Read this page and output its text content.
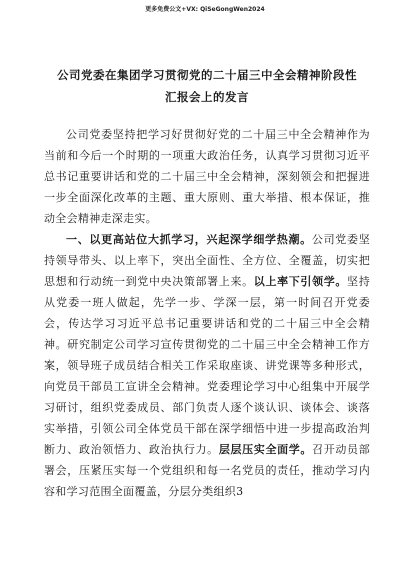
更多免费公文+VX: QiSeGongWen2024
公司党委在集团学习贯彻党的二十届三中全会精神阶段性
汇报会上的发言

公司党委坚持把学习好贯彻好党的二十届三中全会精神作为当前和今后一个时期的一项重大政治任务，认真学习贯彻习近平总书记重要讲话和党的二十届三中全会精神，深刻领会和把握进一步全面深化改革的主题、重大原则、重大举措、根本保证，推动全会精神走深走实。

一、以更高站位大抓学习，兴起深学细学热潮。公司党委坚持领导带头、以上率下，突出全面性、全方位、全覆盖，切实把思想和行动统一到党中央决策部署上来。以上率下引领学。坚持从党委一班人做起，先学一步、学深一层，第一时间召开党委会，传达学习习近平总书记重要讲话和党的二十届三中全会精神。研究制定公司学习宣传贯彻党的二十届三中全会精神工作方案，领导班子成员结合相关工作采取座谈、讲党课等多种形式，向党员干部员工宣讲全会精神。党委理论学习中心组集中开展学习研讨，组织党委成员、部门负责人逐个谈认识、谈体会、谈落实举措，引领公司全体党员干部在深学细悟中进一步提高政治判断力、政治领悟力、政治执行力。层层压实全面学。召开动员部署会，压紧压实每一个党组织和每一名党员的责任，推动学习内容和学习范围全面覆盖，分层分类组织3
